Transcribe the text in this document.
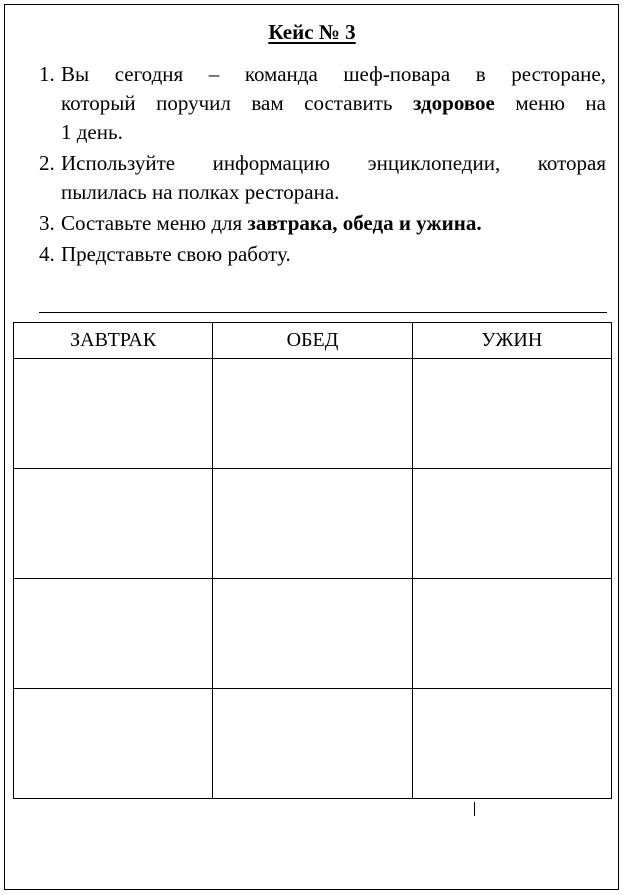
Кейс № 3
1. Вы сегодня – команда шеф-повара в ресторане,
который поручил вам составить здоровое меню на
1 день.
2. Используйте информацию энциклопедии, которая
пылилась на полках ресторана.
3. Составьте меню для завтрака, обеда и ужина.
4. Представьте свою работу.
ЗАВТРАК	ОБЕД	УЖИН
